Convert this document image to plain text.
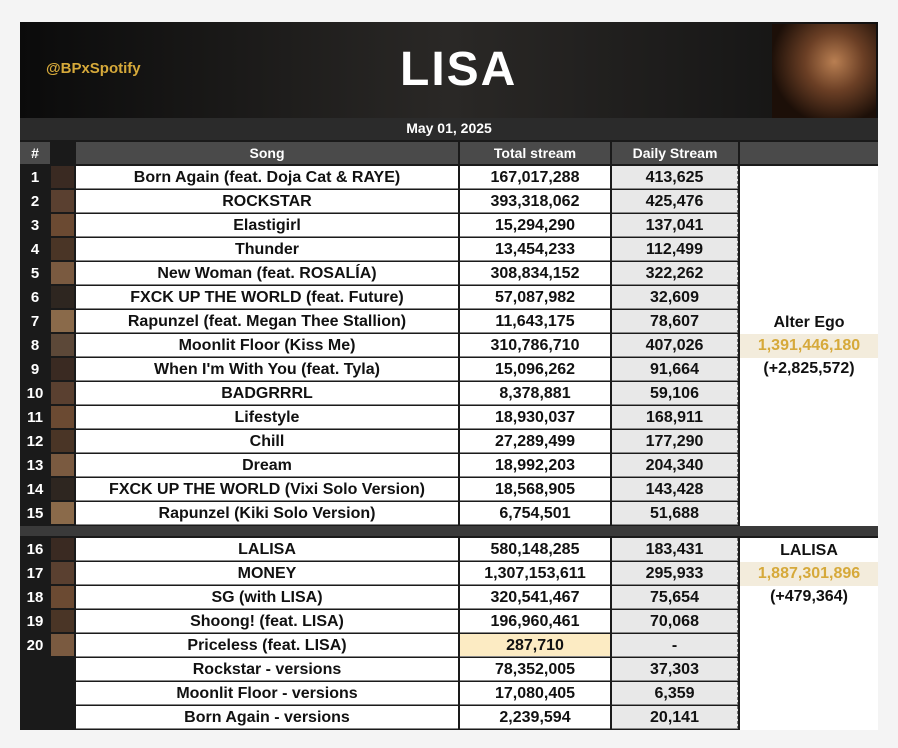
@BPxSpotify	LISA
May 01, 2025
#	Song	Total stream	Daily Stream
1	Born Again (feat. Doja Cat & RAYE)	167,017,288	413,625
2	ROCKSTAR	393,318,062	425,476
3	Elastigirl	15,294,290	137,041
4	Thunder	13,454,233	112,499
5	New Woman (feat. ROSALÍA)	308,834,152	322,262
6	FXCK UP THE WORLD (feat. Future)	57,087,982	32,609
7	Rapunzel (feat. Megan Thee Stallion)	11,643,175	78,607
8	Moonlit Floor (Kiss Me)	310,786,710	407,026
9	When I'm With You (feat. Tyla)	15,096,262	91,664
10	BADGRRRL	8,378,881	59,106
11	Lifestyle	18,930,037	168,911
12	Chill	27,289,499	177,290
13	Dream	18,992,203	204,340
14	FXCK UP THE WORLD (Vixi Solo Version)	18,568,905	143,428
15	Rapunzel (Kiki Solo Version)	6,754,501	51,688
16	LALISA	580,148,285	183,431
17	MONEY	1,307,153,611	295,933
18	SG (with LISA)	320,541,467	75,654
19	Shoong! (feat. LISA)	196,960,461	70,068
20	Priceless (feat. LISA)	287,710	-
Rockstar - versions	78,352,005	37,303
Moonlit Floor - versions	17,080,405	6,359
Born Again - versions	2,239,594	20,141
Alter Ego
1,391,446,180
(+2,825,572)
LALISA
1,887,301,896
(+479,364)
